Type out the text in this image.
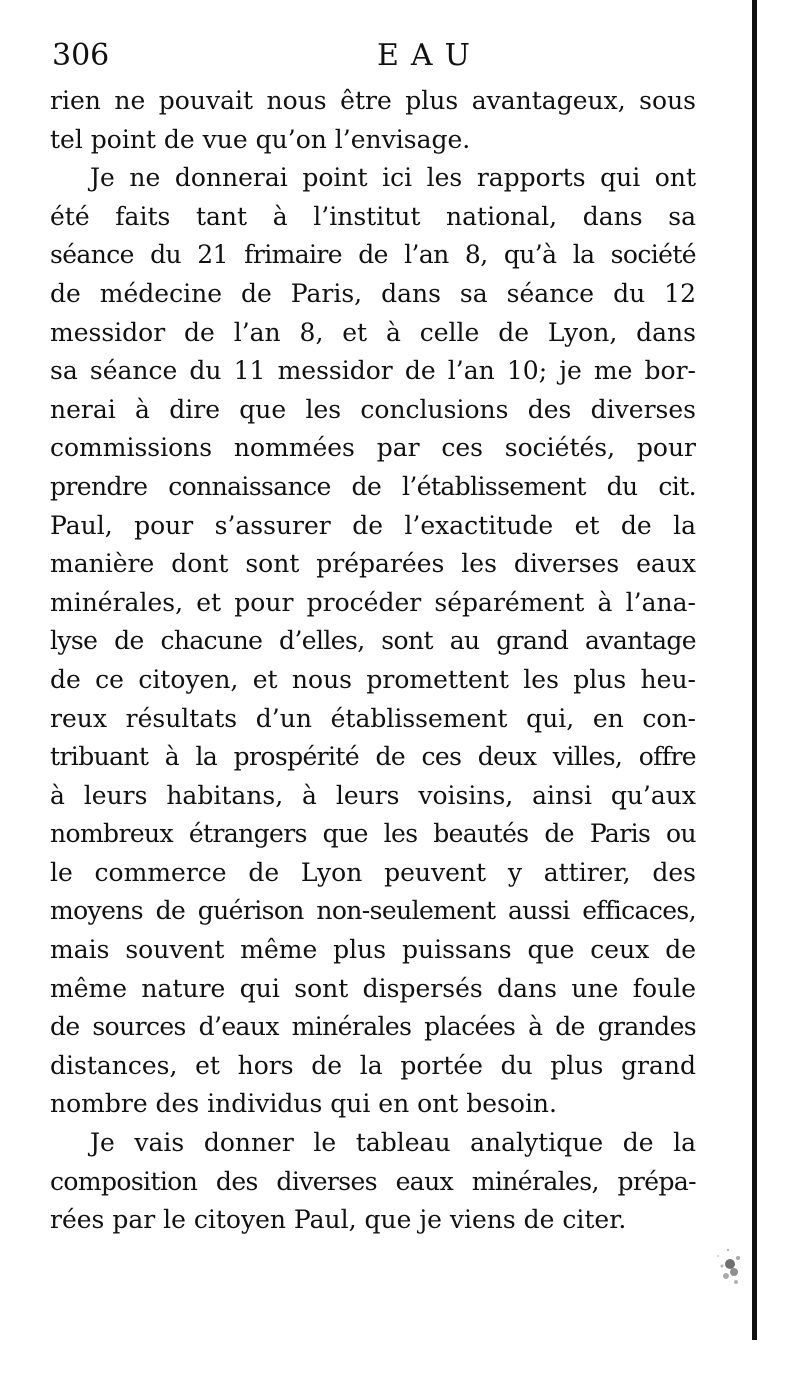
306	EAU
rien ne pouvait nous être plus avantageux, sous
tel point de vue qu’on l’envisage.
Je ne donnerai point ici les rapports qui ont
été faits tant à l’institut national, dans sa
séance du 21 frimaire de l’an 8, qu’à la société
de médecine de Paris, dans sa séance du 12
messidor de l’an 8, et à celle de Lyon, dans
sa séance du 11 messidor de l’an 10; je me bor-
nerai à dire que les conclusions des diverses
commissions nommées par ces sociétés, pour
prendre connaissance de l’établissement du cit.
Paul, pour s’assurer de l’exactitude et de la
manière dont sont préparées les diverses eaux
minérales, et pour procéder séparément à l’ana-
lyse de chacune d’elles, sont au grand avantage
de ce citoyen, et nous promettent les plus heu-
reux résultats d’un établissement qui, en con-
tribuant à la prospérité de ces deux villes, offre
à leurs habitans, à leurs voisins, ainsi qu’aux
nombreux étrangers que les beautés de Paris ou
le commerce de Lyon peuvent y attirer, des
moyens de guérison non-seulement aussi efficaces,
mais souvent même plus puissans que ceux de
même nature qui sont dispersés dans une foule
de sources d’eaux minérales placées à de grandes
distances, et hors de la portée du plus grand
nombre des individus qui en ont besoin.
Je vais donner le tableau analytique de la
composition des diverses eaux minérales, prépa-
rées par le citoyen Paul, que je viens de citer.
